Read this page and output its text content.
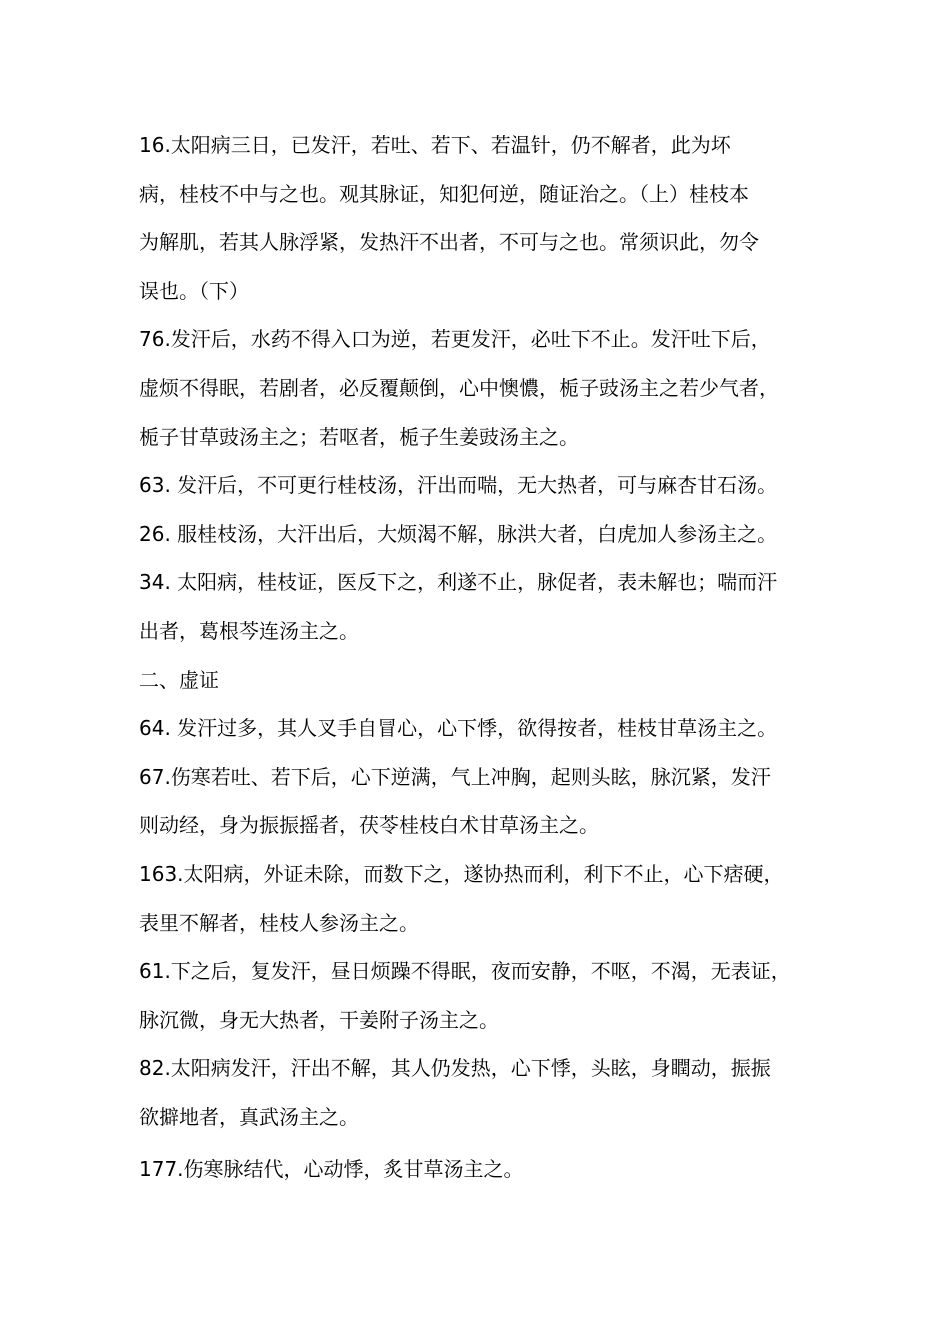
16.太阳病三日，已发汗，若吐、若下、若温针，仍不解者，此为坏
病，桂枝不中与之也。观其脉证，知犯何逆，随证治之。（上）桂枝本
为解肌，若其人脉浮紧，发热汗不出者，不可与之也。常须识此，勿令
误也。（下）
76.发汗后，水药不得入口为逆，若更发汗，必吐下不止。发汗吐下后，
虚烦不得眠，若剧者，必反覆颠倒，心中懊憹，栀子豉汤主之若少气者，
栀子甘草豉汤主之；若呕者，栀子生姜豉汤主之。
63. 发汗后，不可更行桂枝汤，汗出而喘，无大热者，可与麻杏甘石汤。
26. 服桂枝汤，大汗出后，大烦渴不解，脉洪大者，白虎加人参汤主之。
34. 太阳病，桂枝证，医反下之，利遂不止，脉促者，表未解也；喘而汗
出者，葛根芩连汤主之。
二、虚证
64. 发汗过多，其人叉手自冒心，心下悸，欲得按者，桂枝甘草汤主之。
67.伤寒若吐、若下后，心下逆满，气上冲胸，起则头眩，脉沉紧，发汗
则动经，身为振振摇者，茯苓桂枝白术甘草汤主之。
163.太阳病，外证未除，而数下之，遂协热而利，利下不止，心下痞硬，
表里不解者，桂枝人参汤主之。
61.下之后，复发汗，昼日烦躁不得眠，夜而安静，不呕，不渴，无表证，
脉沉微，身无大热者，干姜附子汤主之。
82.太阳病发汗，汗出不解，其人仍发热，心下悸，头眩，身瞤动，振振
欲擗地者，真武汤主之。
177.伤寒脉结代，心动悸，炙甘草汤主之。
